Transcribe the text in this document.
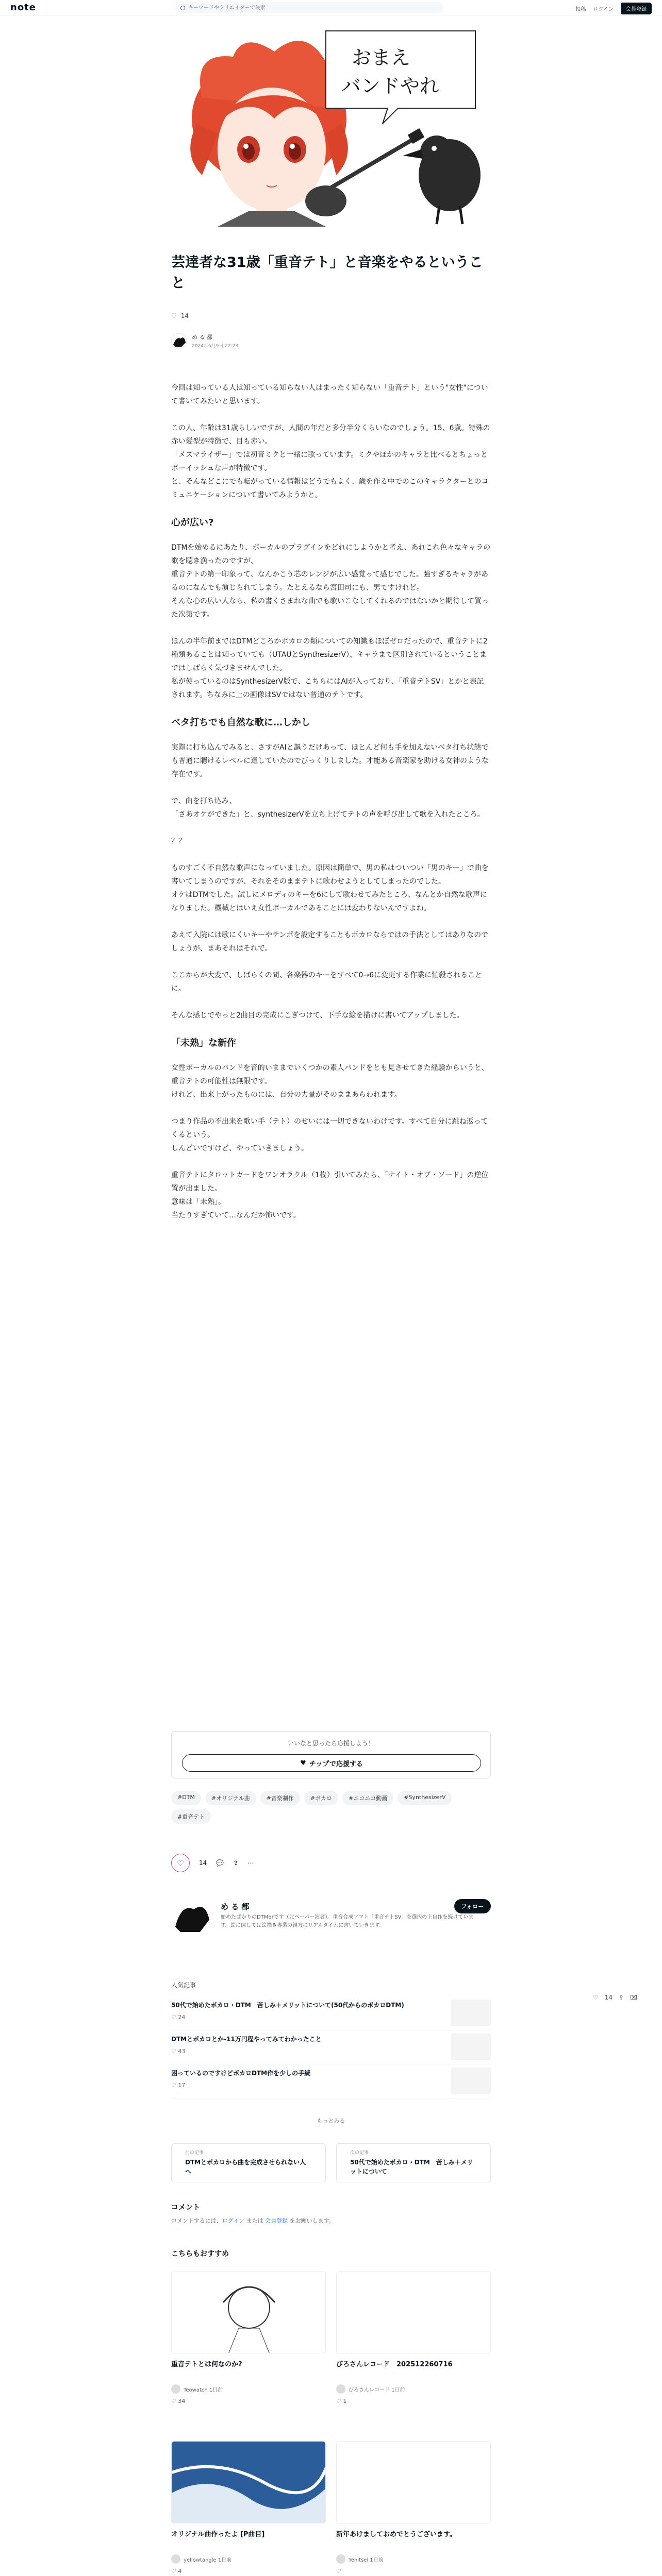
note
キーワードやクリエイターで検索	投稿 ログイン	会員登録
おまえ
バンドやれ
芸達者な31歳「重音テト」と音楽をやるということ
♡ 14
め る 都
2024年6月9日 22:23

今回は知っている人は知っている知らない人はまったく知らない「重音テト」という"女性"について書いてみたいと思います。

この人、年齢は31歳らしいですが、人間の年だと多分半分くらいなのでしょう。15、6歳。特殊の赤い髪型が特徴で、目も赤い。
「メズマライザー」では初音ミクと一緒に歌っています。ミクやほかのキャラと比べるとちょっとボーイッシュな声が特徴です。
と、そんなどこにでも転がっている情報はどうでもよく、歳を作る中でのこのキャラクターとのコミュニケーションについて書いてみようかと。

心が広い?

DTMを始めるにあたり、ボーカルのプラグインをどれにしようかと考え、あれこれ色々なキャラの歌を聴き漁ったのですが、
重音テトの第一印象って、なんかこう芯のレンジが広い感覚って感じでした。強すぎるキャラがあるのになんでも演じられてしまう。たとえるなら宮田司にも、男ですけれど。
そんな心の広い人なら、私の書くさまれな曲でも歌いこなしてくれるのではないかと期待して買った次第です。

ほんの半年前まではDTMどころかボカロの類についての知識もほぼゼロだったので、重音テトに2種類あることは知っていても（UTAUとSynthesizerV）、キャラまで区別されているということまではしばらく気づきませんでした。
私が使っているのはSynthesizerV版で、こちらにはAIが入っており、「重音テトSV」とかと表記されます。ちなみに上の画像はSVではない普通のテトです。

ベタ打ちでも自然な歌に…しかし

実際に打ち込んでみると、さすがAIと謳うだけあって、ほとんど何も手を加えないベタ打ち状態でも普通に聴けるレベルに達していたのでびっくりしました。才能ある音楽家を助ける女神のような存在です。

で、曲を打ち込み、
「さあオケができた」と、synthesizerVを立ち上げてテトの声を呼び出して歌を入れたところ。

？？

ものすごく不自然な歌声になっていました。原因は簡単で、男の私はついつい「男のキー」で曲を書いてしまうのですが、それをそのままテトに歌わせようとしてしまったのでした。
オケはDTMでした。試しにメロディのキーを6にして歌わせてみたところ、なんとか自然な歌声になりました。機械とはいえ女性ボーカルであることには変わりないんですよね。

あえて入院には歌にくいキーやテンポを設定することもボカロならではの手法としてはありなのでしょうが、まあそれはそれで。

ここからが大変で、しばらくの間、各楽器のキーをすべて0→6に変更する作業に忙殺されることに。

そんな感じでやっと2曲目の完成にこぎつけて、下手な絵を描けに書いてアップしました。

「未熟」な新作

女性ボーカルのバンドを音的いままでいくつかの素人バンドをとも見させてきた経験からいうと、
重音テトの可能性は無限です。
けれど、出来上がったものには、自分の力量がそのままあらわれます。

つまり作品の不出来を歌い手（テト）のせいには一切できないわけです。すべて自分に跳ね返ってくるという。
しんどいですけど、やっていきましょう。

重音テトにタロットカードをワンオラクル（1枚）引いてみたら、「ナイト・オブ・ソード」の逆位置が出ました。
意味は「未熟」。
当たりすぎていて…なんだか怖いです。

いいなと思ったら応援しよう！
♥ チップで応援する
#DTM	#オリジナル曲	#音楽制作	#ボカロ	#ニコニコ動画	#SynthesizerV
#重音テト
♡ 14 💬 ⇪ ⋯
め る 都
始めたばかりのDTMerです（元ペーパー演者）。重音合成ソフト「重音テトSV」を選択の上自作を続けています。絵に関しては絵描き専業の親方にリアルタイムに書いていきます。
フォロー
人気記事
50代で始めたボカロ・DTM　苦しみ＋メリットについて(50代からのボカロDTM)
♡ 24
DTMとボカロとか-11万円程やってみてわかったこと
♡ 43
困っているのですけどボカロDTM作を少しの手続
♡ 17
もっとみる
前の記事
DTMとボカロから曲を完成させられない人へ
次の記事
50代で始めたボカロ・DTM　苦しみ＋メリットについて
コメント

コメントするには、ログイン または 会員登録 をお願いします。

こちらもおすすめ
重音テトとは何なのか?
Teowatch 1日前
♡ 34
びろさんレコード　202512260716
びろさんレコード 1日前
♡ 1
オリジナル曲作ったよ [P曲目]
yellowtangle 1日前
♡ 4
新年あけましておめでとうございます。
Yenitsei 1日前
♡
♡ 14 ⇪ ⌧
